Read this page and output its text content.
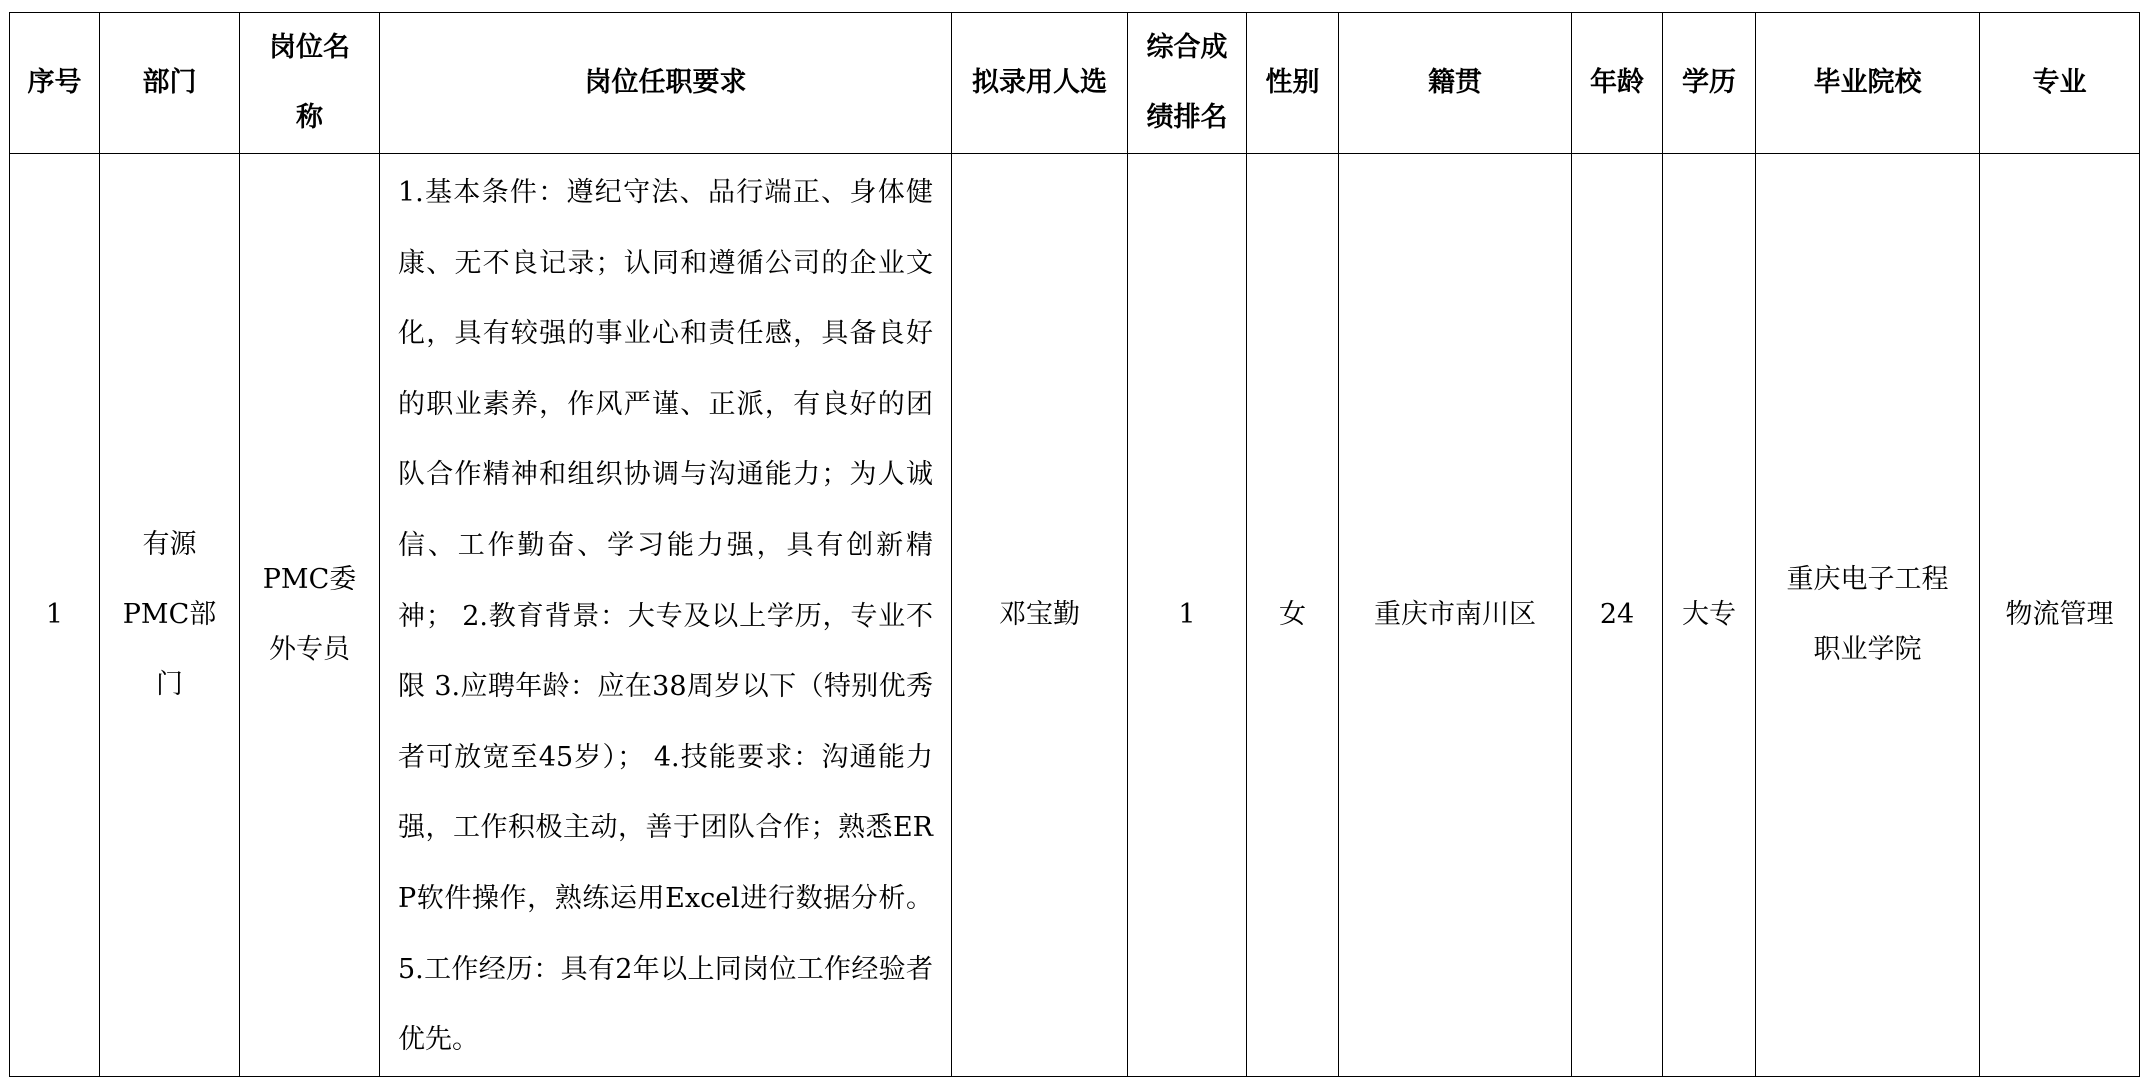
序号	部门	岗位名称	岗位任职要求	拟录用人选	综合成绩排名	性别	籍贯	年龄	学历	毕业院校	专业
1	有源PMC部门	PMC委外专员	1.基本条件：遵纪守法、品行端正、身体健康、无不良记录；认同和遵循公司的企业文化，具有较强的事业心和责任感，具备良好的职业素养，作风严谨、正派，有良好的团队合作精神和组织协调与沟通能力；为人诚信、工作勤奋、学习能力强，具有创新精神； 2.教育背景：大专及以上学历，专业不限 3.应聘年龄：应在38周岁以下（特别优秀者可放宽至45岁）； 4.技能要求：沟通能力强，工作积极主动，善于团队合作；熟悉ERP软件操作，熟练运用Excel进行数据分析。 5.工作经历：具有2年以上同岗位工作经验者优先。	邓宝勤	1	女	重庆市南川区	24	大专	重庆电子工程职业学院	物流管理
